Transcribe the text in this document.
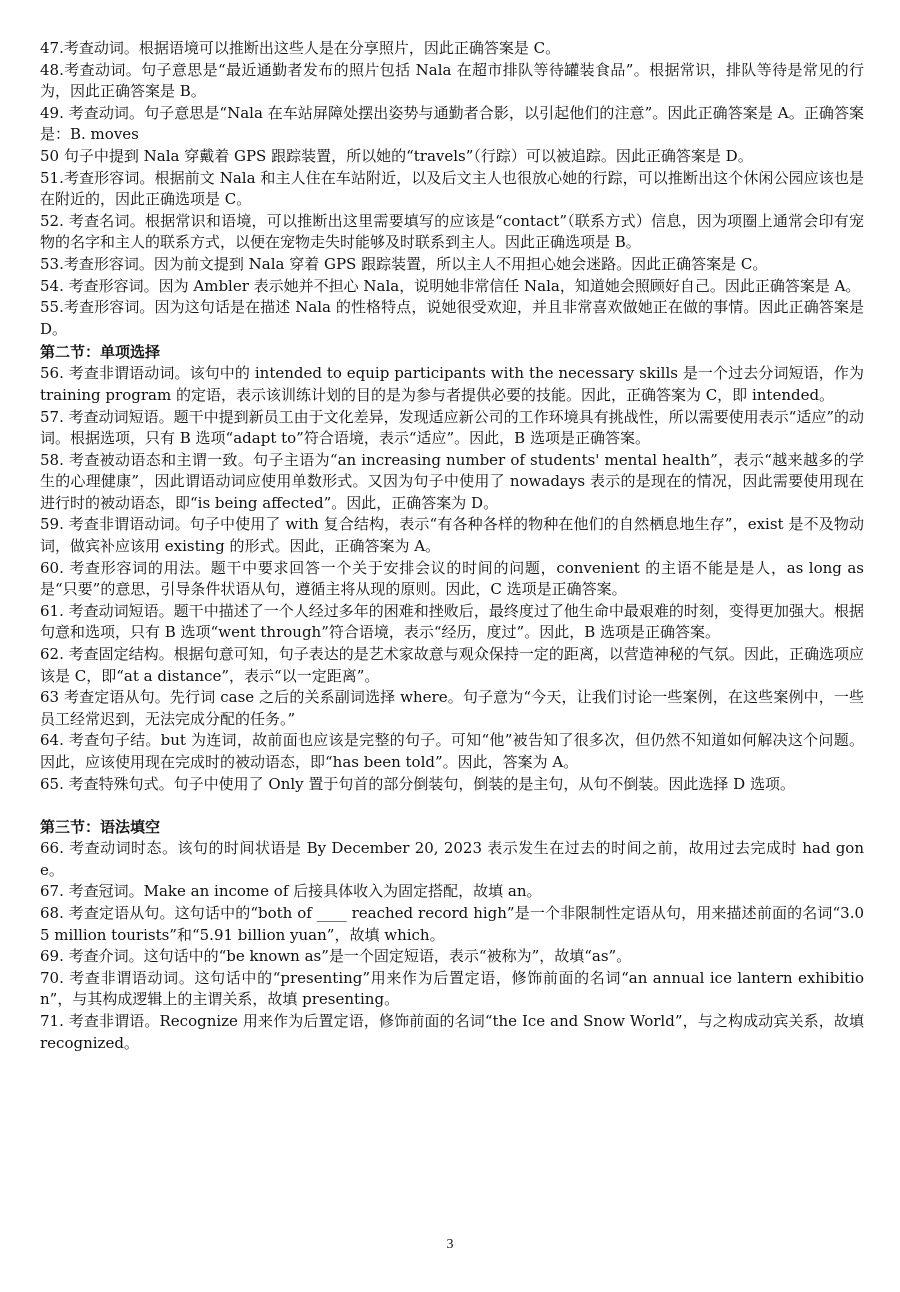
47.考查动词。根据语境可以推断出这些人是在分享照片，因此正确答案是 C。

48.考查动词。句子意思是“最近通勤者发布的照片包括 Nala 在超市排队等待罐装食品”。根据常识，排队等待是常见的行为，因此正确答案是 B。

49. 考查动词。句子意思是“Nala 在车站屏障处摆出姿势与通勤者合影，以引起他们的注意”。因此正确答案是 A。正确答案是：B. moves

50 句子中提到 Nala 穿戴着 GPS 跟踪装置，所以她的“travels”（行踪）可以被追踪。因此正确答案是 D。

51.考查形容词。根据前文 Nala 和主人住在车站附近，以及后文主人也很放心她的行踪，可以推断出这个休闲公园应该也是在附近的，因此正确选项是 C。

52. 考查名词。根据常识和语境，可以推断出这里需要填写的应该是“contact”（联系方式）信息，因为项圈上通常会印有宠物的名字和主人的联系方式，以便在宠物走失时能够及时联系到主人。因此正确选项是 B。

53.考查形容词。因为前文提到 Nala 穿着 GPS 跟踪装置，所以主人不用担心她会迷路。因此正确答案是 C。

54. 考查形容词。因为 Ambler 表示她并不担心 Nala，说明她非常信任 Nala，知道她会照顾好自己。因此正确答案是 A。

55.考查形容词。因为这句话是在描述 Nala 的性格特点，说她很受欢迎，并且非常喜欢做她正在做的事情。因此正确答案是 D。

第二节：单项选择

56. 考查非谓语动词。该句中的 intended to equip participants with the necessary skills 是一个过去分词短语，作为 training program 的定语，表示该训练计划的目的是为参与者提供必要的技能。因此，正确答案为 C，即 intended。

57. 考查动词短语。题干中提到新员工由于文化差异，发现适应新公司的工作环境具有挑战性，所以需要使用表示“适应”的动词。根据选项，只有 B 选项“adapt to”符合语境，表示“适应”。因此，B 选项是正确答案。

58. 考查被动语态和主谓一致。句子主语为“an increasing number of students' mental health”，表示“越来越多的学生的心理健康”，因此谓语动词应使用单数形式。又因为句子中使用了 nowadays 表示的是现在的情况，因此需要使用现在进行时的被动语态，即“is being affected”。因此，正确答案为 D。

59. 考查非谓语动词。句子中使用了 with 复合结构，表示“有各种各样的物种在他们的自然栖息地生存”，exist 是不及物动词，做宾补应该用 existing 的形式。因此，正确答案为 A。

60. 考查形容词的用法。题干中要求回答一个关于安排会议的时间的问题，convenient 的主语不能是是人，as long as 是“只要”的意思，引导条件状语从句，遵循主将从现的原则。因此，C 选项是正确答案。

61. 考查动词短语。题干中描述了一个人经过多年的困难和挫败后，最终度过了他生命中最艰难的时刻，变得更加强大。根据句意和选项，只有 B 选项“went through”符合语境，表示“经历，度过”。因此，B 选项是正确答案。

62. 考查固定结构。根据句意可知，句子表达的是艺术家故意与观众保持一定的距离，以营造神秘的气氛。因此，正确选项应该是 C，即“at a distance”，表示“以一定距离”。

63 考查定语从句。先行词 case 之后的关系副词选择 where。句子意为“今天，让我们讨论一些案例，在这些案例中，一些员工经常迟到，无法完成分配的任务。”

64. 考查句子结。but 为连词，故前面也应该是完整的句子。可知“他”被告知了很多次，但仍然不知道如何解决这个问题。因此，应该使用现在完成时的被动语态，即“has been told”。因此，答案为 A。

65. 考查特殊句式。句子中使用了 Only 置于句首的部分倒装句，倒装的是主句，从句不倒装。因此选择 D 选项。

第三节：语法填空

66. 考查动词时态。该句的时间状语是 By December 20, 2023 表示发生在过去的时间之前，故用过去完成时 had gone。

67. 考查冠词。Make an income of 后接具体收入为固定搭配，故填 an。

68. 考查定语从句。这句话中的“both of ____ reached record high”是一个非限制性定语从句，用来描述前面的名词“3.05 million tourists”和“5.91 billion yuan”，故填 which。

69. 考查介词。这句话中的“be known as”是一个固定短语，表示“被称为”，故填“as”。

70. 考查非谓语动词。这句话中的“presenting”用来作为后置定语，修饰前面的名词“an annual ice lantern exhibition”，与其构成逻辑上的主谓关系，故填 presenting。

71. 考查非谓语。Recognize 用来作为后置定语，修饰前面的名词“the Ice and Snow World”，与之构成动宾关系，故填 recognized。

3
